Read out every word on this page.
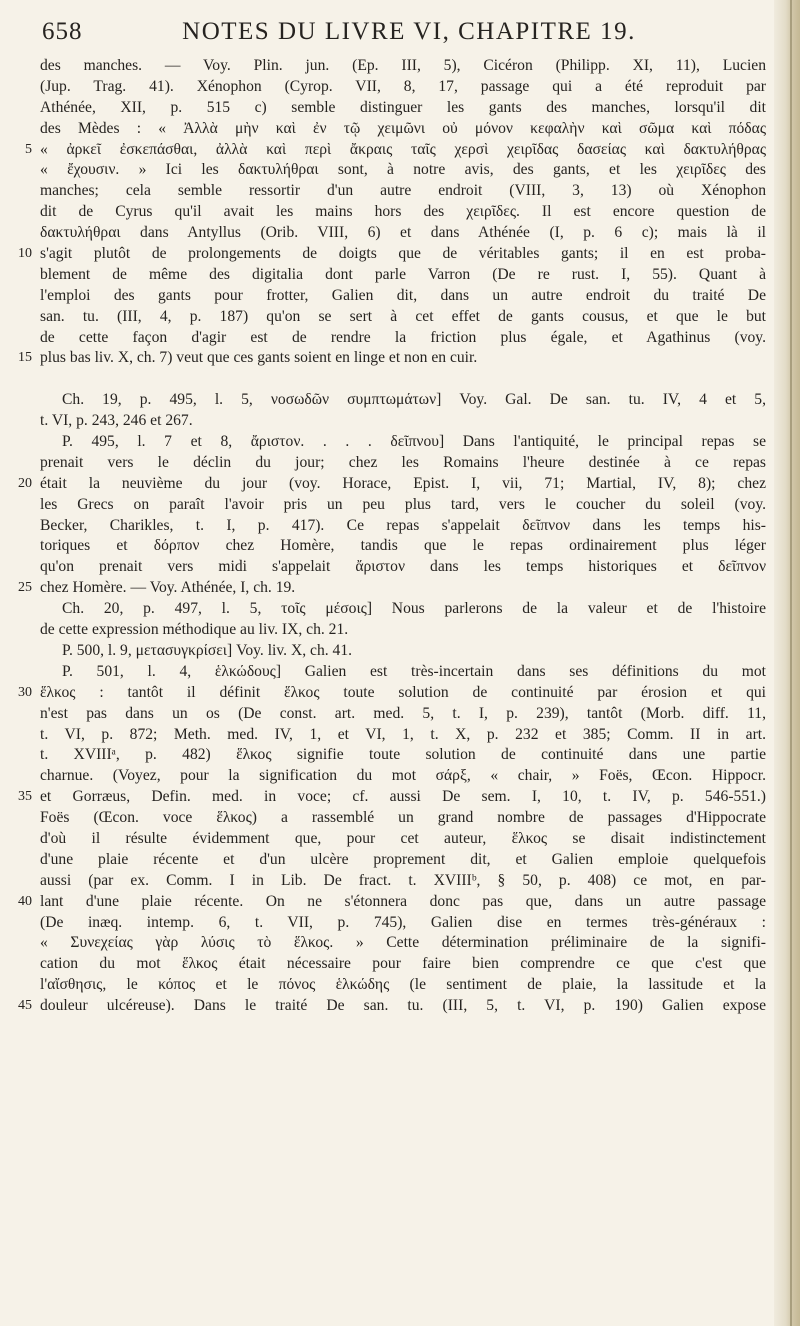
658	NOTES DU LIVRE VI, CHAPITRE 19.
des manches. — Voy. Plin. jun. (Ep. III, 5), Cicéron (Philipp. XI, 11), Lucien
(Jup. Trag. 41). Xénophon (Cyrop. VII, 8, 17, passage qui a été reproduit par
Athénée, XII, p. 515 c) semble distinguer les gants des manches, lorsqu'il dit
des Mèdes : « Ἀλλὰ μὴν καὶ ἐν τῷ χειμῶνι οὐ μόνον κεφαλὴν καὶ σῶμα καὶ πόδας
5 « ἀρκεῖ ἐσκεπάσθαι, ἀλλὰ καὶ περὶ ἄκραις ταῖς χερσὶ χειρῖδας δασείας καὶ δακτυλήθρας
« ἔχουσιν. » Ici les δακτυλήθραι sont, à notre avis, des gants, et les χειρῖδες des
manches; cela semble ressortir d'un autre endroit (VIII, 3, 13) où Xénophon
dit de Cyrus qu'il avait les mains hors des χειρῖδες. Il est encore question de
δακτυλήθραι dans Antyllus (Orib. VIII, 6) et dans Athénée (I, p. 6 c); mais là il
10 s'agit plutôt de prolongements de doigts que de véritables gants; il en est proba-
blement de même des digitalia dont parle Varron (De re rust. I, 55). Quant à
l'emploi des gants pour frotter, Galien dit, dans un autre endroit du traité De
san. tu. (III, 4, p. 187) qu'on se sert à cet effet de gants cousus, et que le but
de cette façon d'agir est de rendre la friction plus égale, et Agathinus (voy.
15 plus bas liv. X, ch. 7) veut que ces gants soient en linge et non en cuir.
Ch. 19, p. 495, l. 5, νοσωδῶν συμπτωμάτων] Voy. Gal. De san. tu. IV, 4 et 5,
t. VI, p. 243, 246 et 267.
P. 495, l. 7 et 8, ἄριστον. . . . δεῖπνου] Dans l'antiquité, le principal repas se
prenait vers le déclin du jour; chez les Romains l'heure destinée à ce repas
20 était la neuvième du jour (voy. Horace, Epist. I, vii, 71; Martial, IV, 8); chez
les Grecs on paraît l'avoir pris un peu plus tard, vers le coucher du soleil (voy.
Becker, Charikles, t. I, p. 417). Ce repas s'appelait δεῖπνον dans les temps his-
toriques et δόρπον chez Homère, tandis que le repas ordinairement plus léger
qu'on prenait vers midi s'appelait ἄριστον dans les temps historiques et δεῖπνον
25 chez Homère. — Voy. Athénée, I, ch. 19.
Ch. 20, p. 497, l. 5, τοῖς μέσοις] Nous parlerons de la valeur et de l'histoire
de cette expression méthodique au liv. IX, ch. 21.
P. 500, l. 9, μετασυγκρίσει] Voy. liv. X, ch. 41.
P. 501, l. 4, ἑλκώδους] Galien est très-incertain dans ses définitions du mot
30 ἕλκος : tantôt il définit ἕλκος toute solution de continuité par érosion et qui
n'est pas dans un os (De const. art. med. 5, t. I, p. 239), tantôt (Morb. diff. 11,
t. VI, p. 872; Meth. med. IV, 1, et VI, 1, t. X, p. 232 et 385; Comm. II in art.
t. XVIIIᵃ, p. 482) ἕλκος signifie toute solution de continuité dans une partie
charnue. (Voyez, pour la signification du mot σάρξ, « chair, » Foës, Œcon. Hippocr.
35 et Gorræus, Defin. med. in voce; cf. aussi De sem. I, 10, t. IV, p. 546-551.)
Foës (Œcon. voce ἕλκος) a rassemblé un grand nombre de passages d'Hippocrate
d'où il résulte évidemment que, pour cet auteur, ἕλκος se disait indistinctement
d'une plaie récente et d'un ulcère proprement dit, et Galien emploie quelquefois
aussi (par ex. Comm. I in Lib. De fract. t. XVIIIᵇ, § 50, p. 408) ce mot, en par-
40 lant d'une plaie récente. On ne s'étonnera donc pas que, dans un autre passage
(De inæq. intemp. 6, t. VII, p. 745), Galien dise en termes très-généraux :
« Συνεχείας γὰρ λύσις τὸ ἕλκος. » Cette détermination préliminaire de la signifi-
cation du mot ἕλκος était nécessaire pour faire bien comprendre ce que c'est que
l'αἴσθησις, le κόπος et le πόνος ἑλκώδης (le sentiment de plaie, la lassitude et la
45 douleur ulcéreuse). Dans le traité De san. tu. (III, 5, t. VI, p. 190) Galien expose
